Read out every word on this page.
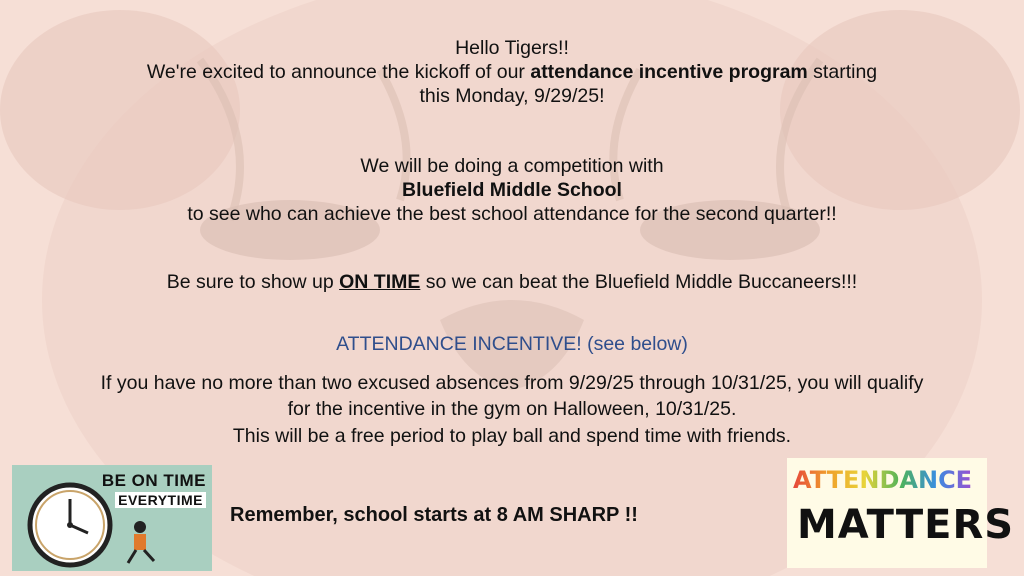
Hello Tigers!!
We're excited to announce the kickoff of our attendance incentive program starting
this Monday, 9/29/25!
We will be doing a competition with
Bluefield Middle School
to see who can achieve the best school attendance for the second quarter!!
Be sure to show up ON TIME so we can beat the Bluefield Middle Buccaneers!!!
ATTENDANCE INCENTIVE! (see below)
If you have no more than two excused absences from 9/29/25 through 10/31/25, you will qualify
for the incentive in the gym on Halloween, 10/31/25.
This will be a free period to play ball and spend time with friends.
BE ON TIME
EVERYTIME
Remember, school starts at 8 AM SHARP !!
ATTENDANCE
MATTERS
